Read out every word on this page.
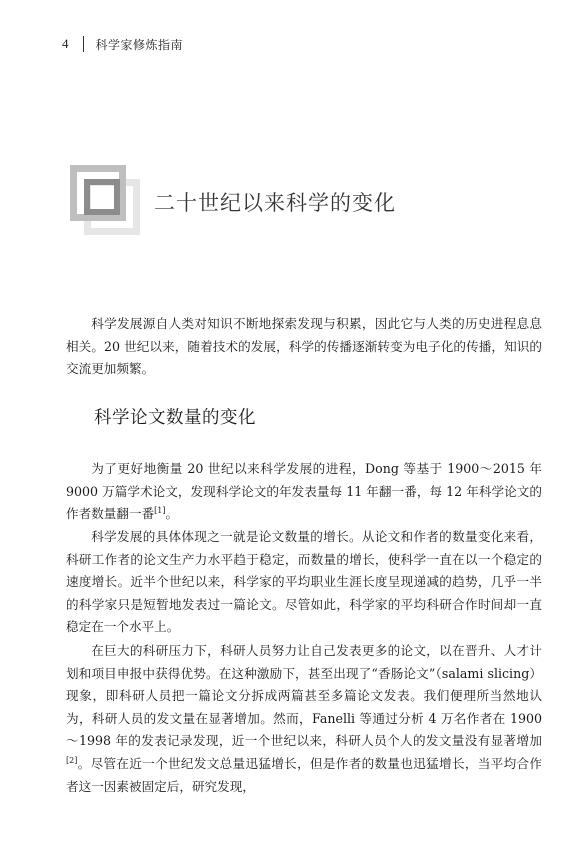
4 科学家修炼指南
二十世纪以来科学的变化

科学发展源自人类对知识不断地探索发现与积累，因此它与人类的历史进程息息相关。20 世纪以来，随着技术的发展，科学的传播逐渐转变为电子化的传播，知识的交流更加频繁。

科学论文数量的变化

为了更好地衡量 20 世纪以来科学发展的进程，Dong 等基于 1900～2015 年 9000 万篇学术论文，发现科学论文的年发表量每 11 年翻一番，每 12 年科学论文的作者数量翻一番[1]。

科学发展的具体体现之一就是论文数量的增长。从论文和作者的数量变化来看，科研工作者的论文生产力水平趋于稳定，而数量的增长，使科学一直在以一个稳定的速度增长。近半个世纪以来，科学家的平均职业生涯长度呈现递减的趋势，几乎一半的科学家只是短暂地发表过一篇论文。尽管如此，科学家的平均科研合作时间却一直稳定在一个水平上。

在巨大的科研压力下，科研人员努力让自己发表更多的论文，以在晋升、人才计划和项目申报中获得优势。在这种激励下，甚至出现了“香肠论文”（salami slicing）现象，即科研人员把一篇论文分拆成两篇甚至多篇论文发表。我们便理所当然地认为，科研人员的发文量在显著增加。然而，Fanelli 等通过分析 4 万名作者在 1900～1998 年的发表记录发现，近一个世纪以来，科研人员个人的发文量没有显著增加[2]。尽管在近一个世纪发文总量迅猛增长，但是作者的数量也迅猛增长，当平均合作者这一因素被固定后，研究发现，
